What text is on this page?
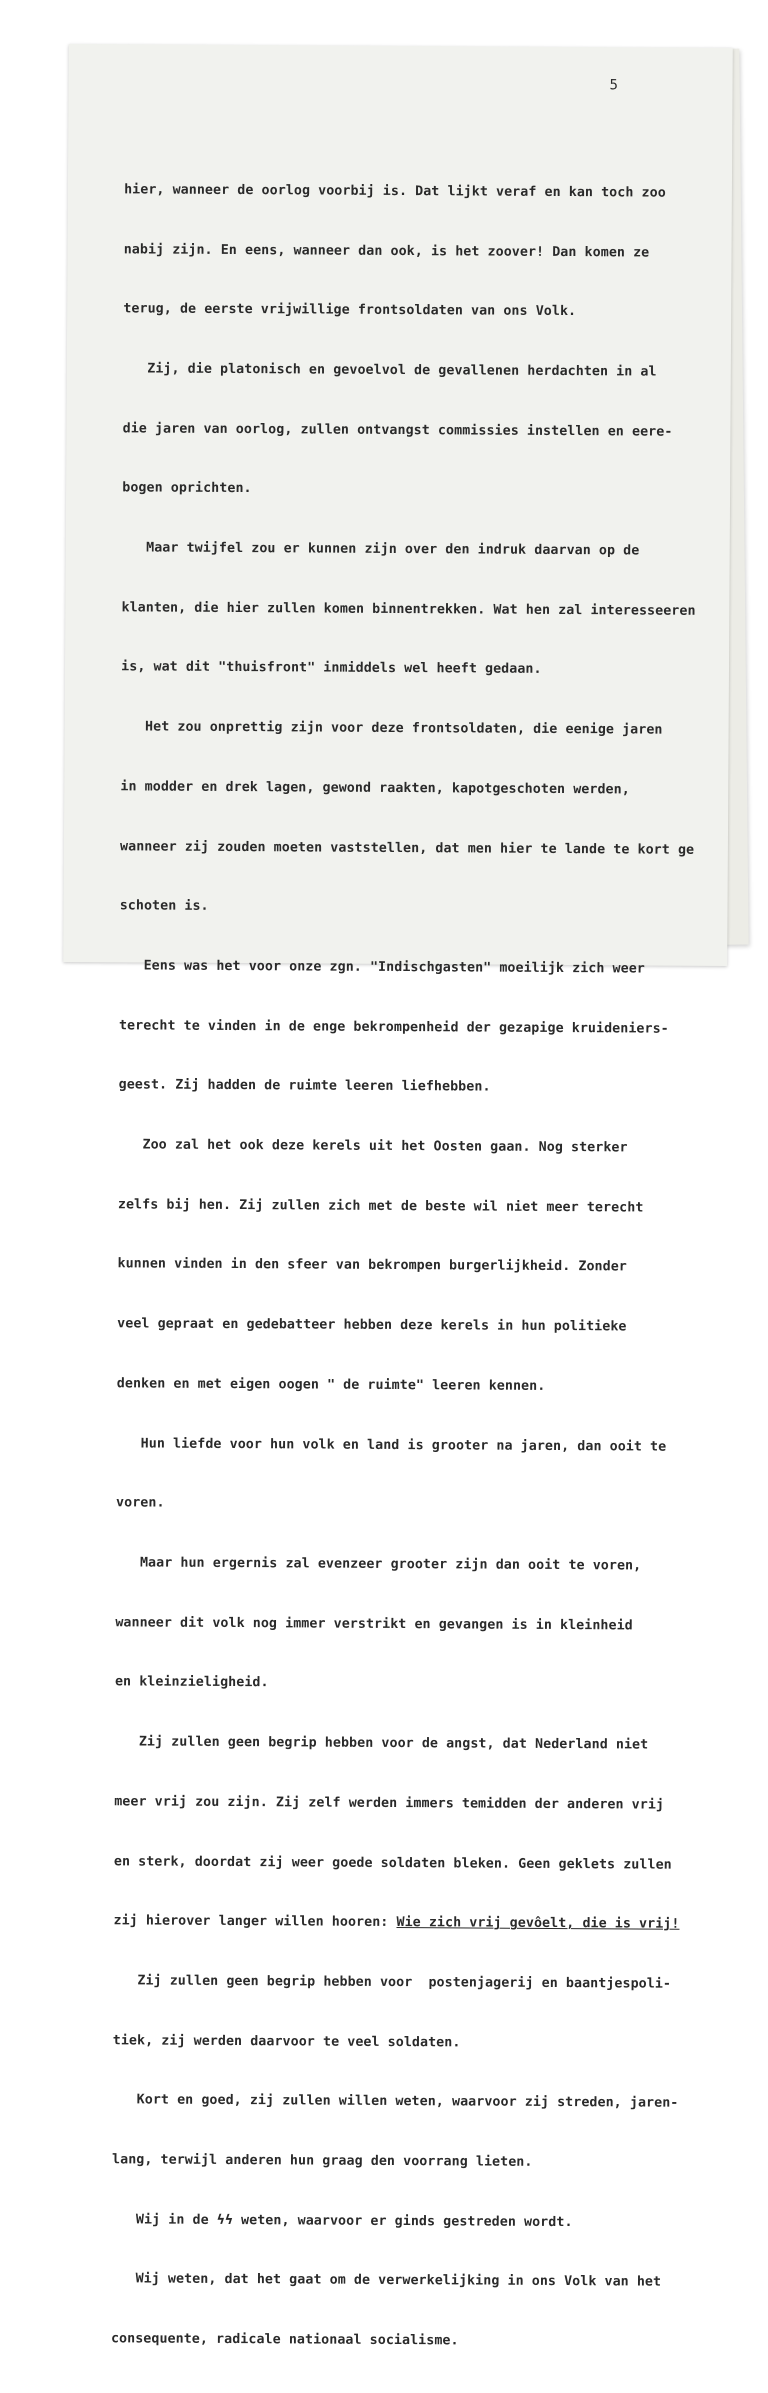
5

hier, wanneer de oorlog voorbij is. Dat lijkt veraf en kan toch zoo

nabij zijn. En eens, wanneer dan ook, is het zoover! Dan komen ze

terug, de eerste vrijwillige frontsoldaten van ons Volk.

Zij, die platonisch en gevoelvol de gevallenen herdachten in al

die jaren van oorlog, zullen ontvangst commissies instellen en eere-

bogen oprichten.

Maar twijfel zou er kunnen zijn over den indruk daarvan op de

klanten, die hier zullen komen binnentrekken. Wat hen zal interesseeren

is, wat dit "thuisfront" inmiddels wel heeft gedaan.

Het zou onprettig zijn voor deze frontsoldaten, die eenige jaren

in modder en drek lagen, gewond raakten, kapotgeschoten werden,

wanneer zij zouden moeten vaststellen, dat men hier te lande te kort ge

schoten is.

Eens was het voor onze zgn. "Indischgasten" moeilijk zich weer

terecht te vinden in de enge bekrompenheid der gezapige kruideniers-

geest. Zij hadden de ruimte leeren liefhebben.

Zoo zal het ook deze kerels uit het Oosten gaan. Nog sterker

zelfs bij hen. Zij zullen zich met de beste wil niet meer terecht

kunnen vinden in den sfeer van bekrompen burgerlijkheid. Zonder

veel gepraat en gedebatteer hebben deze kerels in hun politieke

denken en met eigen oogen " de ruimte" leeren kennen.

Hun liefde voor hun volk en land is grooter na jaren, dan ooit te

voren.

Maar hun ergernis zal evenzeer grooter zijn dan ooit te voren,

wanneer dit volk nog immer verstrikt en gevangen is in kleinheid

en kleinzieligheid.

Zij zullen geen begrip hebben voor de angst, dat Nederland niet

meer vrij zou zijn. Zij zelf werden immers temidden der anderen vrij

en sterk, doordat zij weer goede soldaten bleken. Geen geklets zullen

zij hierover langer willen hooren: Wie zich vrij gevôelt, die is vrij!

Zij zullen geen begrip hebben voor  postenjagerij en baantjespoli-

tiek, zij werden daarvoor te veel soldaten.

Kort en goed, zij zullen willen weten, waarvoor zij streden, jaren-

lang, terwijl anderen hun graag den voorrang lieten.

Wij in de ϟϟ weten, waarvoor er ginds gestreden wordt.

Wij weten, dat het gaat om de verwerkelijking in ons Volk van het

consequente, radicale nationaal socialisme.
